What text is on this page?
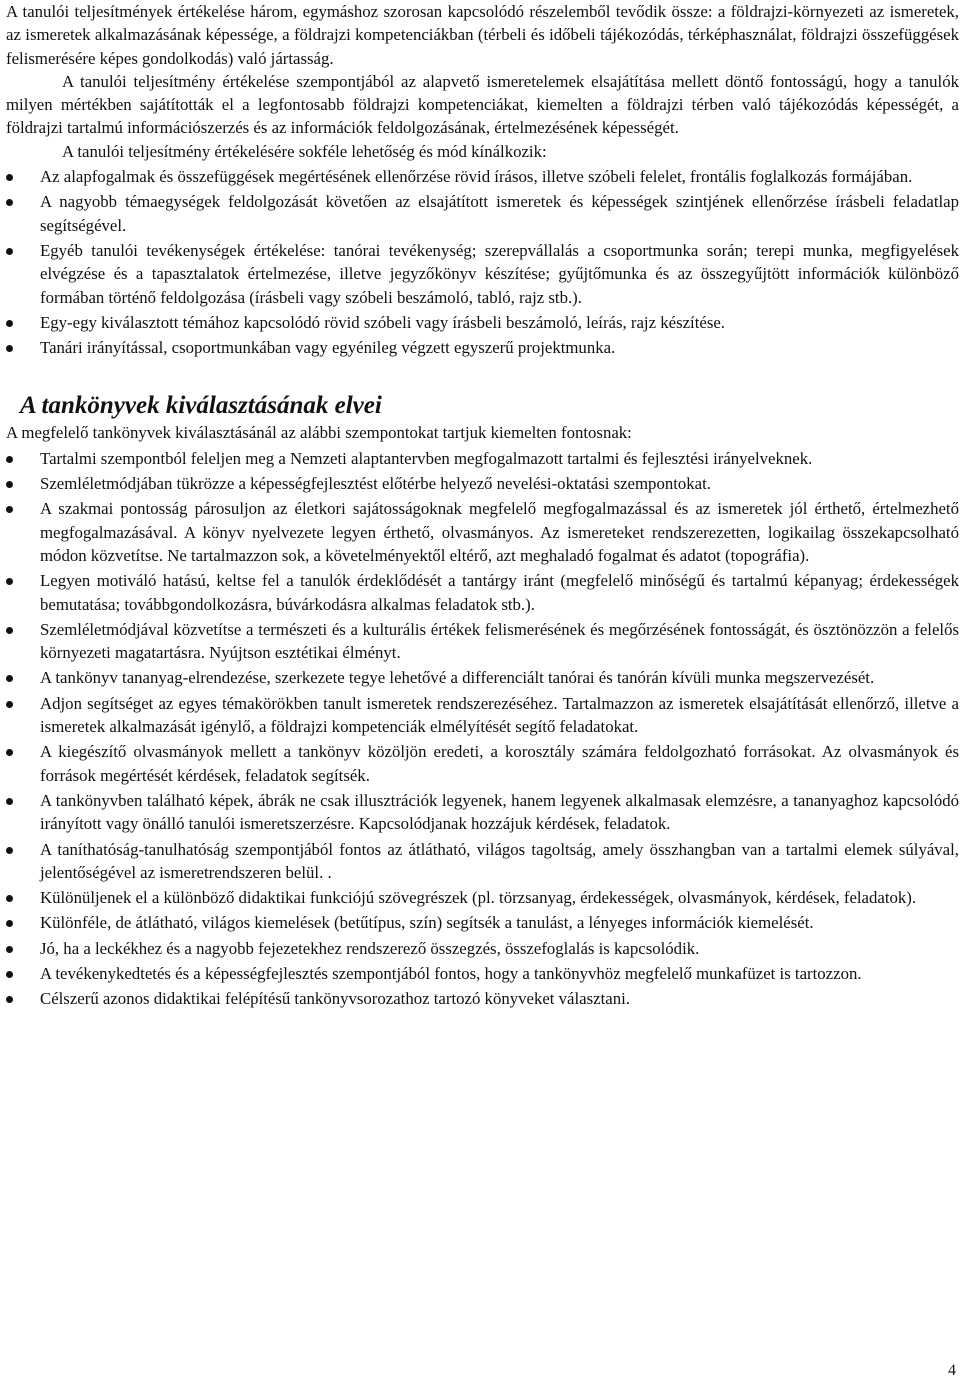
A tanulói teljesítmények értékelése három, egymáshoz szorosan kapcsolódó részelemből tevődik össze: a földrajzi-környezeti az ismeretek, az ismeretek alkalmazásának képessége, a földrajzi kompetenciákban (térbeli és időbeli tájékozódás, térképhasználat, földrajzi összefüggések felismerésére képes gondolkodás) való jártasság.

A tanulói teljesítmény értékelése szempontjából az alapvető ismeretelemek elsajátítása mellett döntő fontosságú, hogy a tanulók milyen mértékben sajátították el a legfontosabb földrajzi kompetenciákat, kiemelten a földrajzi térben való tájékozódás képességét, a földrajzi tartalmú információszerzés és az információk feldolgozásának, értelmezésének képességét.

A tanulói teljesítmény értékelésére sokféle lehetőség és mód kínálkozik:

Az alapfogalmak és összefüggések megértésének ellenőrzése rövid írásos, illetve szóbeli felelet, frontális foglalkozás formájában.
A nagyobb témaegységek feldolgozását követően az elsajátított ismeretek és képességek szintjének ellenőrzése írásbeli feladatlap segítségével.
Egyéb tanulói tevékenységek értékelése: tanórai tevékenység; szerepvállalás a csoportmunka során; terepi munka, megfigyelések elvégzése és a tapasztalatok értelmezése, illetve jegyzőkönyv készítése; gyűjtőmunka és az összegyűjtött információk különböző formában történő feldolgozása (írásbeli vagy szóbeli beszámoló, tabló, rajz stb.).
Egy-egy kiválasztott témához kapcsolódó rövid szóbeli vagy írásbeli beszámoló, leírás, rajz készítése.
Tanári irányítással, csoportmunkában vagy egyénileg végzett egyszerű projektmunka.
A tankönyvek kiválasztásának elvei

A megfelelő tankönyvek kiválasztásánál az alábbi szempontokat tartjuk kiemelten fontosnak:

Tartalmi szempontból feleljen meg a Nemzeti alaptantervben megfogalmazott tartalmi és fejlesztési irányelveknek.
Szemléletmódjában tükrözze a képességfejlesztést előtérbe helyező nevelési-oktatási szempontokat.
A szakmai pontosság párosuljon az életkori sajátosságoknak megfelelő megfogalmazással és az ismeretek jól érthető, értelmezhető megfogalmazásával. A könyv nyelvezete legyen érthető, olvasmányos. Az ismereteket rendszerezetten, logikailag összekapcsolható módon közvetítse. Ne tartalmazzon sok, a követelményektől eltérő, azt meghaladó fogalmat és adatot (topográfia).
Legyen motiváló hatású, keltse fel a tanulók érdeklődését a tantárgy iránt (megfelelő minőségű és tartalmú képanyag; érdekességek bemutatása; továbbgondolkozásra, búvárkodásra alkalmas feladatok stb.).
Szemléletmódjával közvetítse a természeti és a kulturális értékek felismerésének és megőrzésének fontosságát, és ösztönözzön a felelős környezeti magatartásra. Nyújtson esztétikai élményt.
A tankönyv tananyag-elrendezése, szerkezete tegye lehetővé a differenciált tanórai és tanórán kívüli munka megszervezését.
Adjon segítséget az egyes témakörökben tanult ismeretek rendszerezéséhez. Tartalmazzon az ismeretek elsajátítását ellenőrző, illetve a ismeretek alkalmazását igénylő, a földrajzi kompetenciák elmélyítését segítő feladatokat.
A kiegészítő olvasmányok mellett a tankönyv közöljön eredeti, a korosztály számára feldolgozható forrásokat. Az olvasmányok és források megértését kérdések, feladatok segítsék.
A tankönyvben található képek, ábrák ne csak illusztrációk legyenek, hanem legyenek alkalmasak elemzésre, a tananyaghoz kapcsolódó irányított vagy önálló tanulói ismeretszerzésre. Kapcsolódjanak hozzájuk kérdések, feladatok.
A taníthatóság-tanulhatóság szempontjából fontos az átlátható, világos tagoltság, amely összhangban van a tartalmi elemek súlyával, jelentőségével az ismeretrendszeren belül. .
Különüljenek el a különböző didaktikai funkciójú szövegrészek (pl. törzsanyag, érdekességek, olvasmányok, kérdések, feladatok).
Különféle, de átlátható, világos kiemelések (betűtípus, szín) segítsék a tanulást, a lényeges információk kiemelését.
Jó, ha a leckékhez és a nagyobb fejezetekhez rendszerező összegzés, összefoglalás is kapcsolódik.
A tevékenykedtetés és a képességfejlesztés szempontjából fontos, hogy a tankönyvhöz megfelelő munkafüzet is tartozzon.
Célszerű azonos didaktikai felépítésű tankönyvsorozathoz tartozó könyveket választani.
4
